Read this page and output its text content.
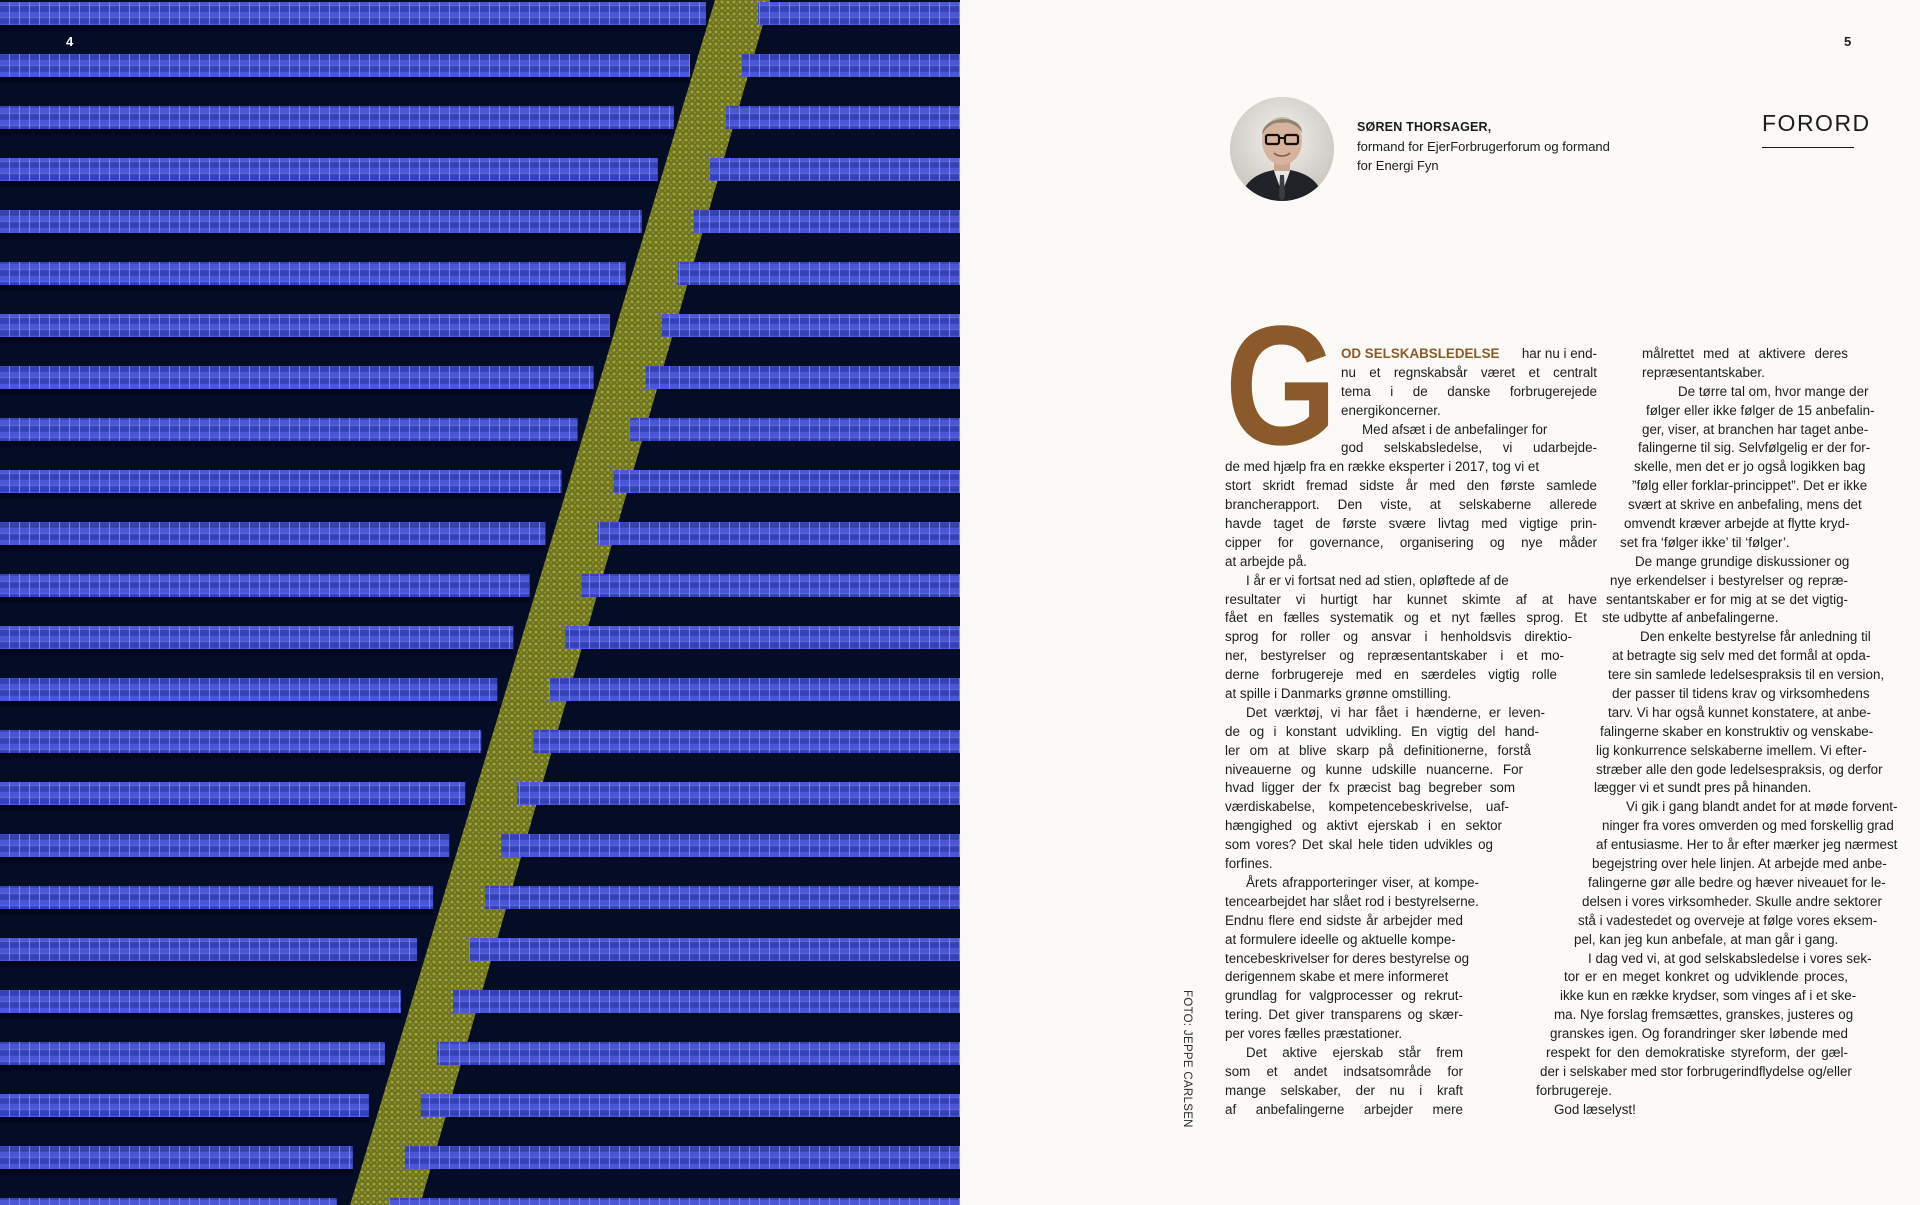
4	5
FOTO: JEPPE CARLSEN
SØREN THORSAGER,
formand for EjerForbrugerforum og formand
for Energi Fyn
FORORD
G OD SELSKABSLEDELSE har nu i end-
nu et regnskabsår været et centralt
tema i de danske forbrugerejede
energikoncerner.
Med afsæt i de anbefalinger for
god selskabsledelse, vi udarbejde-
de med hjælp fra en række eksperter i 2017, tog vi et
stort skridt fremad sidste år med den første samlede
brancherapport. Den viste, at selskaberne allerede
havde taget de første svære livtag med vigtige prin-
cipper for governance, organisering og nye måder
at arbejde på.
I år er vi fortsat ned ad stien, opløftede af de
resultater vi hurtigt har kunnet skimte af at have
fået en fælles systematik og et nyt fælles sprog. Et
sprog for roller og ansvar i henholdsvis direktio-
ner, bestyrelser og repræsentantskaber i et mo-
derne forbrugereje med en særdeles vigtig rolle
at spille i Danmarks grønne omstilling.
Det værktøj, vi har fået i hænderne, er leven-
de og i konstant udvikling. En vigtig del hand-
ler om at blive skarp på definitionerne, forstå
niveauerne og kunne udskille nuancerne. For
hvad ligger der fx præcist bag begreber som
værdiskabelse, kompetencebeskrivelse, uaf-
hængighed og aktivt ejerskab i en sektor
som vores? Det skal hele tiden udvikles og
forfines.
Årets afrapporteringer viser, at kompe-
tencearbejdet har slået rod i bestyrelserne.
Endnu flere end sidste år arbejder med
at formulere ideelle og aktuelle kompe-
tencebeskrivelser for deres bestyrelse og
derigennem skabe et mere informeret
grundlag for valgprocesser og rekrut-
tering. Det giver transparens og skær-
per vores fælles præstationer.
Det aktive ejerskab står frem
som et andet indsatsområde for
mange selskaber, der nu i kraft
af anbefalingerne arbejder mere
målrettet med at aktivere deres
repræsentantskaber.
De tørre tal om, hvor mange der
følger eller ikke følger de 15 anbefalin-
ger, viser, at branchen har taget anbe-
falingerne til sig. Selvfølgelig er der for-
skelle, men det er jo også logikken bag
”følg eller forklar-princippet”. Det er ikke
svært at skrive en anbefaling, mens det
omvendt kræver arbejde at flytte kryd-
set fra ‘følger ikke’ til ‘følger’.
De mange grundige diskussioner og
nye erkendelser i bestyrelser og repræ-
sentantskaber er for mig at se det vigtig-
ste udbytte af anbefalingerne.
Den enkelte bestyrelse får anledning til
at betragte sig selv med det formål at opda-
tere sin samlede ledelsespraksis til en version,
der passer til tidens krav og virksomhedens
tarv. Vi har også kunnet konstatere, at anbe-
falingerne skaber en konstruktiv og venskabe-
lig konkurrence selskaberne imellem. Vi efter-
stræber alle den gode ledelsespraksis, og derfor
lægger vi et sundt pres på hinanden.
Vi gik i gang blandt andet for at møde forvent-
ninger fra vores omverden og med forskellig grad
af entusiasme. Her to år efter mærker jeg nærmest
begejstring over hele linjen. At arbejde med anbe-
falingerne gør alle bedre og hæver niveauet for le-
delsen i vores virksomheder. Skulle andre sektorer
stå i vadestedet og overveje at følge vores eksem-
pel, kan jeg kun anbefale, at man går i gang.
I dag ved vi, at god selskabsledelse i vores sek-
tor er en meget konkret og udviklende proces,
ikke kun en række krydser, som vinges af i et ske-
ma. Nye forslag fremsættes, granskes, justeres og
granskes igen. Og forandringer sker løbende med
respekt for den demokratiske styreform, der gæl-
der i selskaber med stor forbrugerindflydelse og/eller
forbrugereje.
God læselyst!
